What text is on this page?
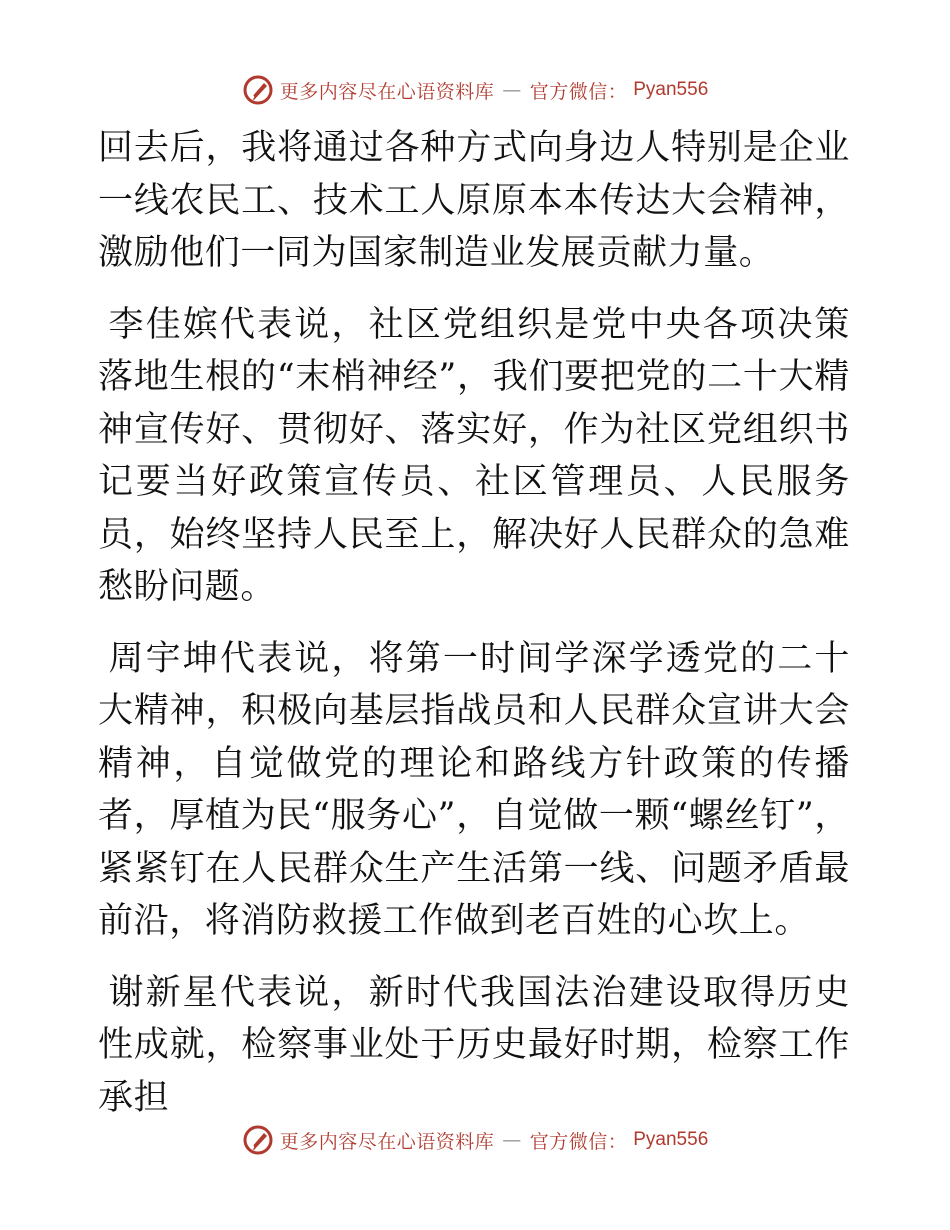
更多内容尽在心语资料库 — 官方微信： Pyan556

回去后，我将通过各种方式向身边人特别是企业一线农民工、技术工人原原本本传达大会精神，激励他们一同为国家制造业发展贡献力量。

李佳嫔代表说，社区党组织是党中央各项决策落地生根的“末梢神经”，我们要把党的二十大精神宣传好、贯彻好、落实好，作为社区党组织书记要当好政策宣传员、社区管理员、人民服务员，始终坚持人民至上，解决好人民群众的急难愁盼问题。

周宇坤代表说，将第一时间学深学透党的二十大精神，积极向基层指战员和人民群众宣讲大会精神，自觉做党的理论和路线方针政策的传播者，厚植为民“服务心”，自觉做一颗“螺丝钉”，紧紧钉在人民群众生产生活第一线、问题矛盾最前沿，将消防救援工作做到老百姓的心坎上。

谢新星代表说，新时代我国法治建设取得历史性成就，检察事业处于历史最好时期，检察工作承担

更多内容尽在心语资料库 — 官方微信： Pyan556
